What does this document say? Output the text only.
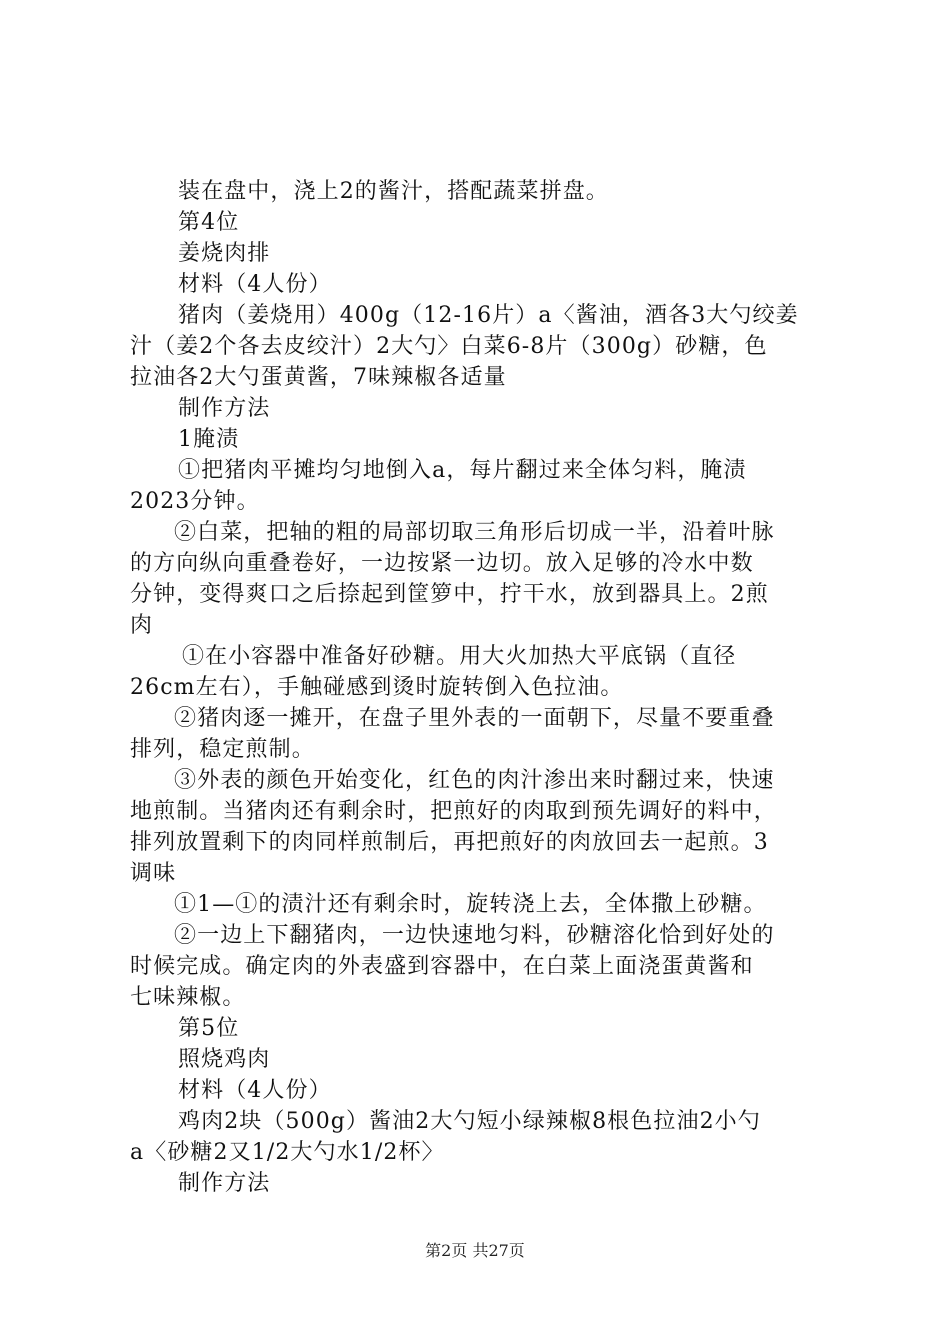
装在盘中，浇上2的酱汁，搭配蔬菜拼盘。
第4位
姜烧肉排
材料（4人份）
猪肉（姜烧用）400g（12-16片）a〈酱油，酒各3大勺绞姜
汁（姜2个各去皮绞汁）2大勺〉白菜6-8片（300g）砂糖，色
拉油各2大勺蛋黄酱，7味辣椒各适量
制作方法
1腌渍
①把猪肉平摊均匀地倒入a，每片翻过来全体匀料，腌渍
2023分钟。
②白菜，把轴的粗的局部切取三角形后切成一半，沿着叶脉
的方向纵向重叠卷好，一边按紧一边切。放入足够的冷水中数
分钟，变得爽口之后捺起到筐箩中，拧干水，放到器具上。2煎
肉
①在小容器中准备好砂糖。用大火加热大平底锅（直径
26cm左右），手触碰感到烫时旋转倒入色拉油。
②猪肉逐一摊开，在盘子里外表的一面朝下，尽量不要重叠
排列，稳定煎制。
③外表的颜色开始变化，红色的肉汁渗出来时翻过来，快速
地煎制。当猪肉还有剩余时，把煎好的肉取到预先调好的料中，
排列放置剩下的肉同样煎制后，再把煎好的肉放回去一起煎。3
调味
①1—①的渍汁还有剩余时，旋转浇上去，全体撒上砂糖。
②一边上下翻猪肉，一边快速地匀料，砂糖溶化恰到好处的
时候完成。确定肉的外表盛到容器中，在白菜上面浇蛋黄酱和
七味辣椒。
第5位
照烧鸡肉
材料（4人份）
鸡肉2块（500g）酱油2大勺短小绿辣椒8根色拉油2小勺
a〈砂糖2又1/2大勺水1/2杯〉
制作方法
第2页 共27页
